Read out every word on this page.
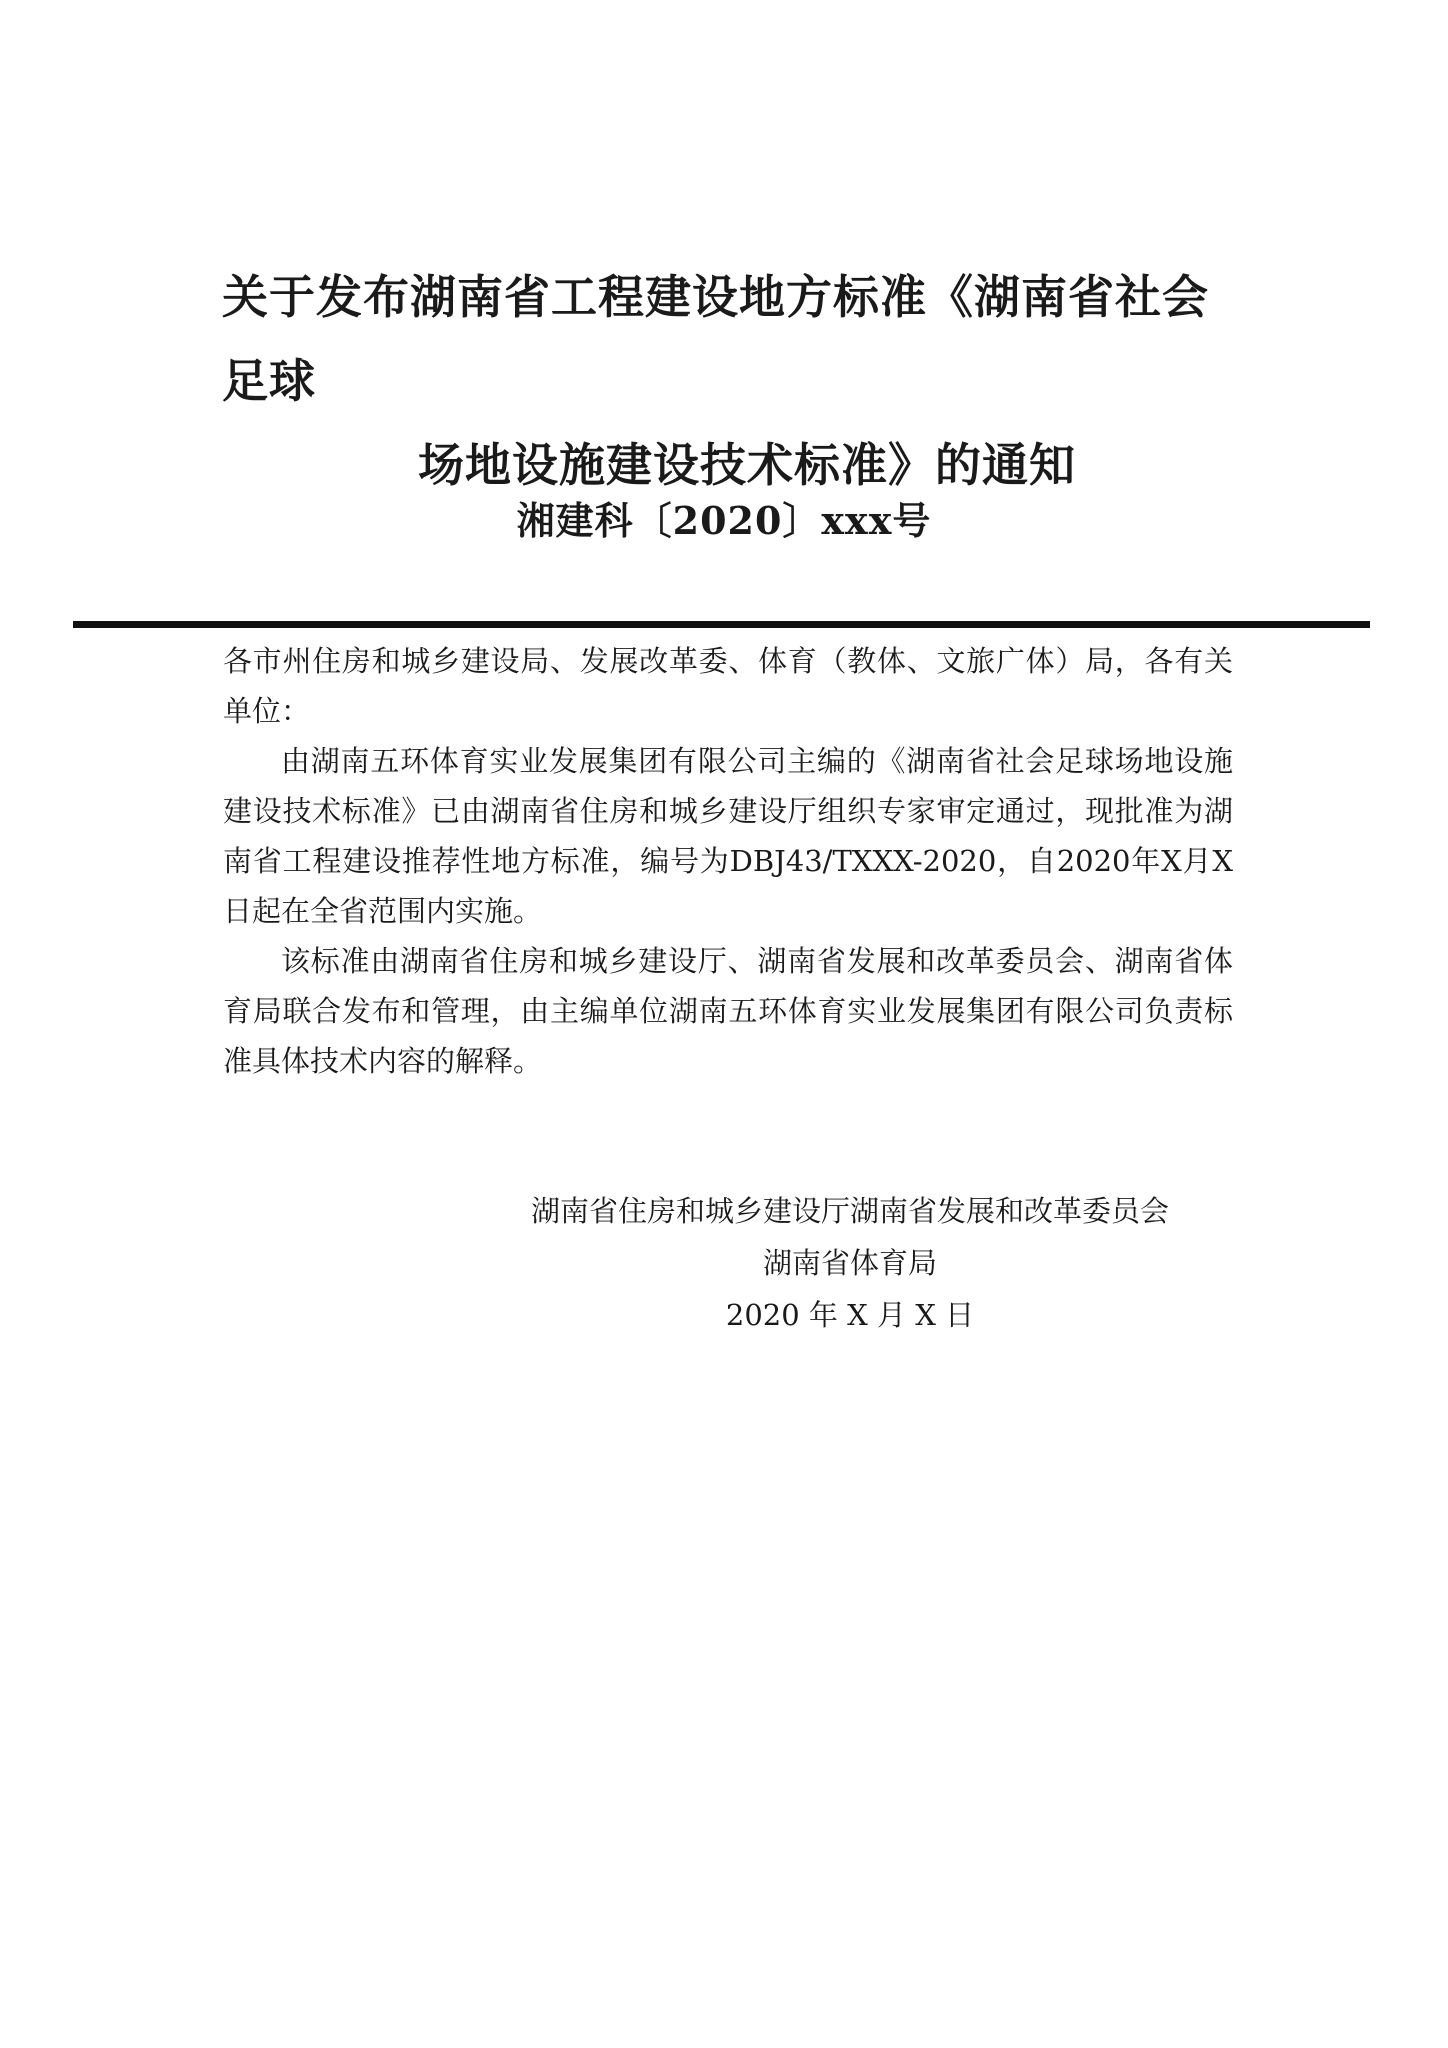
关于发布湖南省工程建设地方标准《湖南省社会足球
场地设施建设技术标准》的通知
湘建科〔2020〕xxx号

各市州住房和城乡建设局、发展改革委、体育（教体、文旅广体）局，各有关单位：

由湖南五环体育实业发展集团有限公司主编的《湖南省社会足球场地设施建设技术标准》已由湖南省住房和城乡建设厅组织专家审定通过，现批准为湖南省工程建设推荐性地方标准，编号为DBJ43/TXXX-2020，自2020年X月X日起在全省范围内实施。

该标准由湖南省住房和城乡建设厅、湖南省发展和改革委员会、湖南省体育局联合发布和管理，由主编单位湖南五环体育实业发展集团有限公司负责标准具体技术内容的解释。

湖南省住房和城乡建设厅湖南省发展和改革委员会
湖南省体育局
2020 年 X 月 X 日
